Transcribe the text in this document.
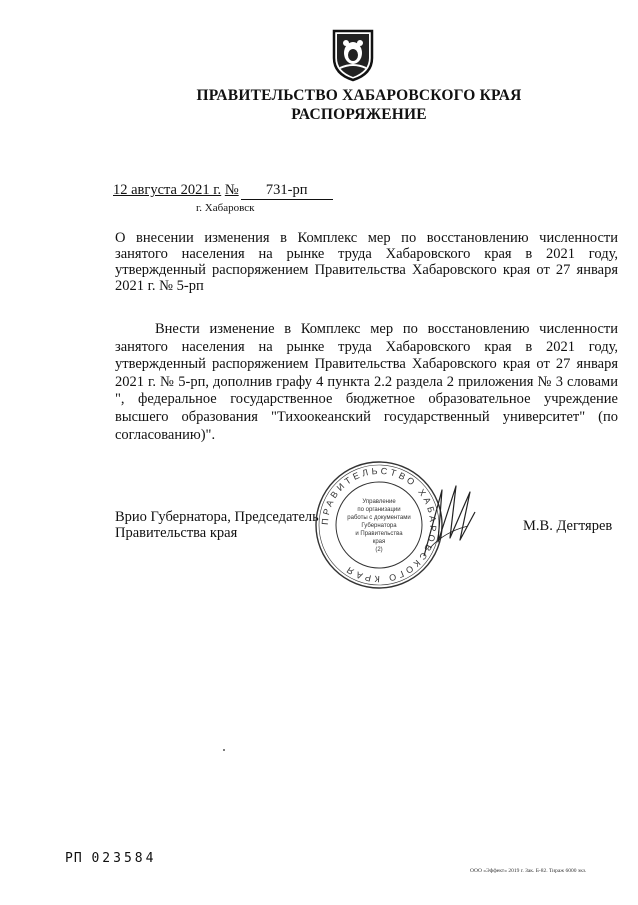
ПРАВИТЕЛЬСТВО ХАБАРОВСКОГО КРАЯ
РАСПОРЯЖЕНИЕ
12 августа 2021 г. № 731-рп
г. Хабаровск
О внесении изменения в Комплекс мер по восстановлению численности занятого населения на рынке труда Хабаровского края в 2021 году, утвержденный распоряжением Правительства Хабаровского края от 27 января 2021 г. № 5-рп
Внести изменение в Комплекс мер по восстановлению численности занятого населения на рынке труда Хабаровского края в 2021 году, утвержденный распоряжением Правительства Хабаровского края от 27 января 2021 г. № 5-рп, дополнив графу 4 пункта 2.2 раздела 2 приложения № 3 словами ", федеральное государственное бюджетное образовательное учреждение высшего образования "Тихоокеанский государственный университет" (по согласованию)".
Врио Губернатора, Председатель
Правительства края
ПРАВИТЕЛЬСТВО ХАБАРОВСКОГО КРАЯ
Управление
по организации
работы с документами
Губернатора
и Правительства
края
(2)
М.В. Дегтярев
РП 023584
ООО «Эффект» 2019 г. Зак. Б-82. Тираж 6000 экз.
